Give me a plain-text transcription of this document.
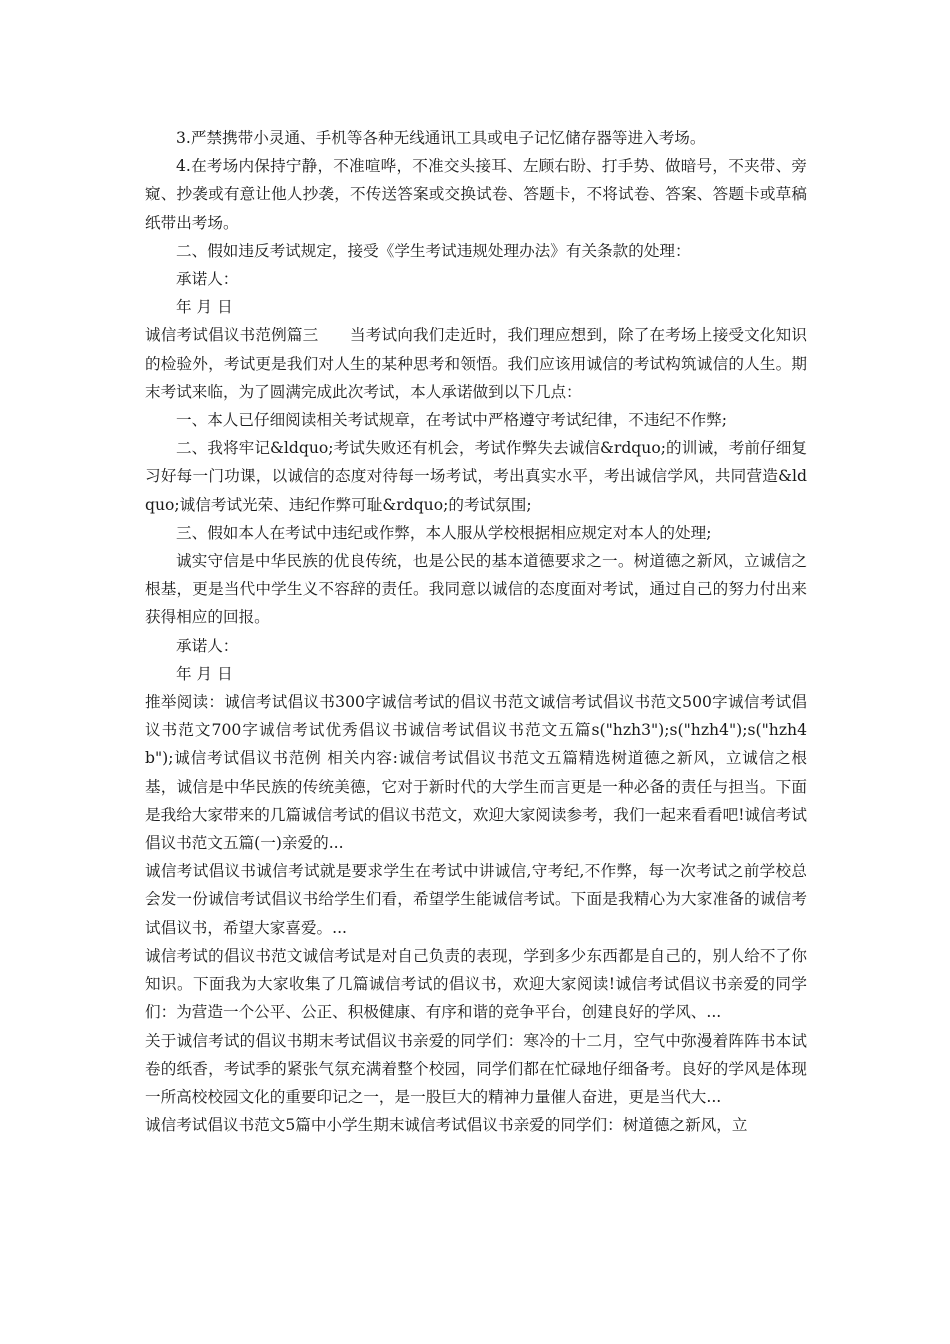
3.严禁携带小灵通、手机等各种无线通讯工具或电子记忆储存器等进入考场。

4.在考场内保持宁静，不准喧哗，不准交头接耳、左顾右盼、打手势、做暗号，不夹带、旁窥、抄袭或有意让他人抄袭，不传送答案或交换试卷、答题卡，不将试卷、答案、答题卡或草稿纸带出考场。

二、假如违反考试规定，接受《学生考试违规处理办法》有关条款的处理：

承诺人：

年 月 日

诚信考试倡议书范例篇三　　当考试向我们走近时，我们理应想到，除了在考场上接受文化知识的检验外，考试更是我们对人生的某种思考和领悟。我们应该用诚信的考试构筑诚信的人生。期末考试来临，为了圆满完成此次考试，本人承诺做到以下几点：

一、本人已仔细阅读相关考试规章，在考试中严格遵守考试纪律，不违纪不作弊;

二、我将牢记&ldquo;考试失败还有机会，考试作弊失去诚信&rdquo;的训诫，考前仔细复习好每一门功课，以诚信的态度对待每一场考试，考出真实水平，考出诚信学风，共同营造&ldquo;诚信考试光荣、违纪作弊可耻&rdquo;的考试氛围;

三、假如本人在考试中违纪或作弊，本人服从学校根据相应规定对本人的处理;

诚实守信是中华民族的优良传统，也是公民的基本道德要求之一。树道德之新风，立诚信之根基，更是当代中学生义不容辞的责任。我同意以诚信的态度面对考试，通过自己的努力付出来获得相应的回报。

承诺人：

年 月 日

推举阅读：诚信考试倡议书300字诚信考试的倡议书范文诚信考试倡议书范文500字诚信考试倡议书范文700字诚信考试优秀倡议书诚信考试倡议书范文五篇s("hzh3");s("hzh4");s("hzh4b");诚信考试倡议书范例 相关内容:诚信考试倡议书范文五篇精选树道德之新风，立诚信之根基，诚信是中华民族的传统美德，它对于新时代的大学生而言更是一种必备的责任与担当。下面是我给大家带来的几篇诚信考试的倡议书范文，欢迎大家阅读参考，我们一起来看看吧!诚信考试倡议书范文五篇(一)亲爱的...

诚信考试倡议书诚信考试就是要求学生在考试中讲诚信,守考纪,不作弊，每一次考试之前学校总会发一份诚信考试倡议书给学生们看，希望学生能诚信考试。下面是我精心为大家准备的诚信考试倡议书，希望大家喜爱。...

诚信考试的倡议书范文诚信考试是对自己负责的表现，学到多少东西都是自己的，别人给不了你知识。下面我为大家收集了几篇诚信考试的倡议书，欢迎大家阅读!诚信考试倡议书亲爱的同学们：为营造一个公平、公正、积极健康、有序和谐的竞争平台，创建良好的学风、...

关于诚信考试的倡议书期末考试倡议书亲爱的同学们：寒冷的十二月，空气中弥漫着阵阵书本试卷的纸香，考试季的紧张气氛充满着整个校园，同学们都在忙碌地仔细备考。良好的学风是体现一所高校校园文化的重要印记之一，是一股巨大的精神力量催人奋进，更是当代大...

诚信考试倡议书范文5篇中小学生期末诚信考试倡议书亲爱的同学们：树道德之新风，立
